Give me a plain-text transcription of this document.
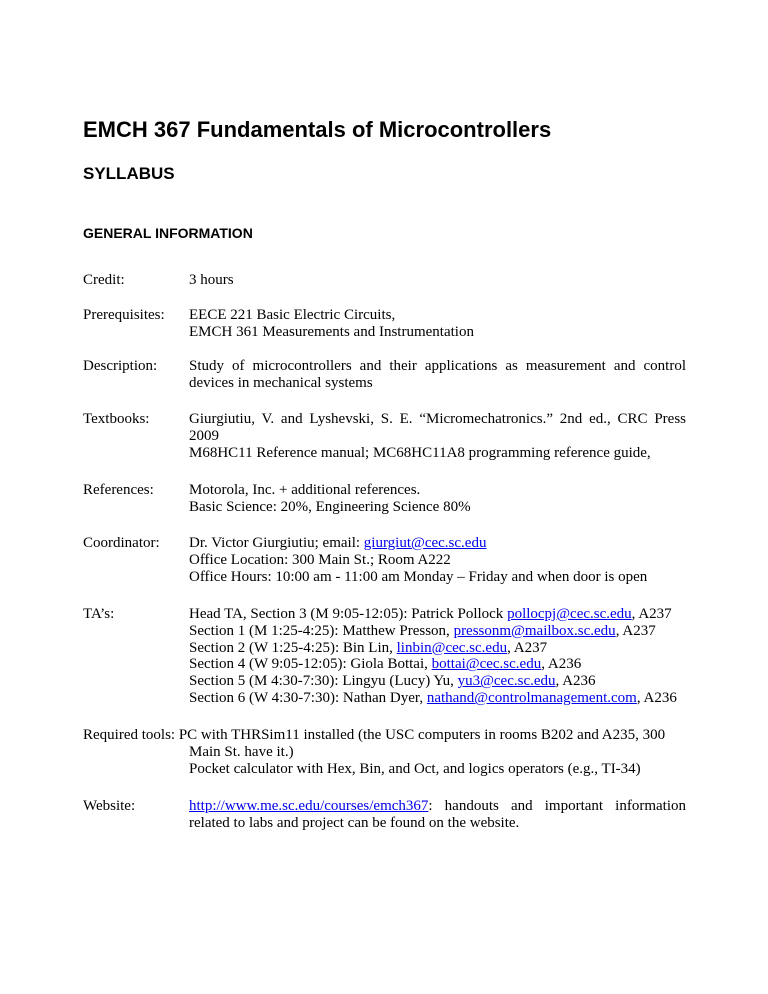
EMCH 367 Fundamentals of Microcontrollers
SYLLABUS
GENERAL INFORMATION
Credit:	3 hours
Prerequisites: EECE 221 Basic Electric Circuits,
EMCH 361 Measurements and Instrumentation
Description: Study of microcontrollers and their applications as measurement and control devices in mechanical systems
Textbooks:	Giurgiutiu, V. and Lyshevski, S. E. “Micromechatronics.” 2nd ed., CRC Press 2009
M68HC11 Reference manual; MC68HC11A8 programming reference guide,
References: Motorola, Inc. + additional references.
Basic Science: 20%, Engineering Science 80%
Coordinator: Dr. Victor Giurgiutiu; email: giurgiut@cec.sc.edu
Office Location: 300 Main St.; Room A222
Office Hours: 10:00 am - 11:00 am Monday – Friday and when door is open
TA’s:	Head TA, Section 3 (M 9:05-12:05): Patrick Pollock pollocpj@cec.sc.edu, A237
Section 1 (M 1:25-4:25): Matthew Presson, pressonm@mailbox.sc.edu, A237
Section 2 (W 1:25-4:25): Bin Lin, linbin@cec.sc.edu, A237
Section 4 (W 9:05-12:05): Giola Bottai, bottai@cec.sc.edu, A236
Section 5 (M 4:30-7:30): Lingyu (Lucy) Yu, yu3@cec.sc.edu, A236
Section 6 (W 4:30-7:30): Nathan Dyer, nathand@controlmanagement.com, A236
Required tools: PC with THRSim11 installed (the USC computers in rooms B202 and A235, 300
Main St. have it.)
Pocket calculator with Hex, Bin, and Oct, and logics operators (e.g., TI-34)
Website:	http://www.me.sc.edu/courses/emch367: handouts and important information related to labs and project can be found on the website.
